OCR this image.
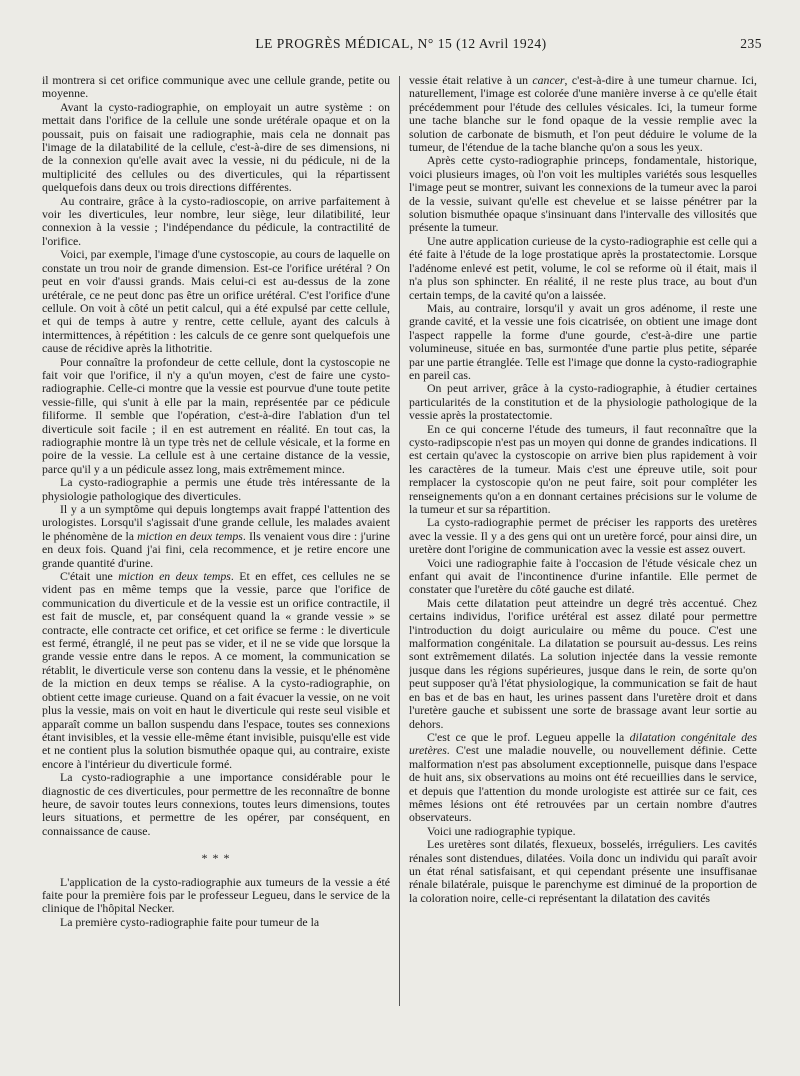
LE PROGRÈS MÉDICAL, N° 15 (12 Avril 1924)	235

il montrera si cet orifice communique avec une cellule grande, petite ou moyenne.

Avant la cysto-radiographie, on employait un autre système : on mettait dans l'orifice de la cellule une sonde urétérale opaque et on la poussait, puis on faisait une radiographie, mais cela ne donnait pas l'image de la dilatabilité de la cellule, c'est-à-dire de ses dimensions, ni de la connexion qu'elle avait avec la vessie, ni du pédicule, ni de la multiplicité des cellules ou des diverticules, qui la répartissent quelquefois dans deux ou trois directions différentes.

Au contraire, grâce à la cysto-radioscopie, on arrive parfaitement à voir les diverticules, leur nombre, leur siège, leur dilatibilité, leur connexion à la vessie ; l'indépendance du pédicule, la contractilité de l'orifice.

Voici, par exemple, l'image d'une cystoscopie, au cours de laquelle on constate un trou noir de grande dimension. Est-ce l'orifice urétéral ? On peut en voir d'aussi grands. Mais celui-ci est au-dessus de la zone urétérale, ce ne peut donc pas être un orifice urétéral. C'est l'orifice d'une cellule. On voit à côté un petit calcul, qui a été expulsé par cette cellule, et qui de temps à autre y rentre, cette cellule, ayant des calculs à intermittences, à répétition : les calculs de ce genre sont quelquefois une cause de récidive après la lithotritie.

Pour connaître la profondeur de cette cellule, dont la cystoscopie ne fait voir que l'orifice, il n'y a qu'un moyen, c'est de faire une cysto-radiographie. Celle-ci montre que la vessie est pourvue d'une toute petite vessie-fille, qui s'unit à elle par la main, représentée par ce pédicule filiforme. Il semble que l'opération, c'est-à-dire l'ablation d'un tel diverticule soit facile ; il en est autrement en réalité. En tout cas, la radiographie montre là un type très net de cellule vésicale, et la forme en poire de la vessie. La cellule est à une certaine distance de la vessie, parce qu'il y a un pédicule assez long, mais extrêmement mince.

La cysto-radiographie a permis une étude très intéressante de la physiologie pathologique des diverticules.

Il y a un symptôme qui depuis longtemps avait frappé l'attention des urologistes. Lorsqu'il s'agissait d'une grande cellule, les malades avaient le phénomène de la miction en deux temps. Ils venaient vous dire : j'urine en deux fois. Quand j'ai fini, cela recommence, et je retire encore une grande quantité d'urine.

C'était une miction en deux temps. Et en effet, ces cellules ne se vident pas en même temps que la vessie, parce que l'orifice de communication du diverticule et de la vessie est un orifice contractile, il est fait de muscle, et, par conséquent quand la « grande vessie » se contracte, elle contracte cet orifice, et cet orifice se ferme : le diverticule est fermé, étranglé, il ne peut pas se vider, et il ne se vide que lorsque la grande vessie entre dans le repos. A ce moment, la communication se rétablit, le diverticule verse son contenu dans la vessie, et le phénomène de la miction en deux temps se réalise. A la cysto-radiographie, on obtient cette image curieuse. Quand on a fait évacuer la vessie, on ne voit plus la vessie, mais on voit en haut le diverticule qui reste seul visible et apparaît comme un ballon suspendu dans l'espace, toutes ses connexions étant invisibles, et la vessie elle-même étant invisible, puisqu'elle est vide et ne contient plus la solution bismuthée opaque qui, au contraire, existe encore à l'intérieur du diverticule formé.

La cysto-radiographie a une importance considérable pour le diagnostic de ces diverticules, pour permettre de les reconnaître de bonne heure, de savoir toutes leurs connexions, toutes leurs dimensions, toutes leurs situations, et permettre de les opérer, par conséquent, en connaissance de cause.

* * *

L'application de la cysto-radiographie aux tumeurs de la vessie a été faite pour la première fois par le professeur Legueu, dans le service de la clinique de l'hôpital Necker.

La première cysto-radiographie faite pour tumeur de la

vessie était relative à un cancer, c'est-à-dire à une tumeur charnue. Ici, naturellement, l'image est colorée d'une manière inverse à ce qu'elle était précédemment pour l'étude des cellules vésicales. Ici, la tumeur forme une tache blanche sur le fond opaque de la vessie remplie avec la solution de carbonate de bismuth, et l'on peut déduire le volume de la tumeur, de l'étendue de la tache blanche qu'on a sous les yeux.

Après cette cysto-radiographie princeps, fondamentale, historique, voici plusieurs images, où l'on voit les multiples variétés sous lesquelles l'image peut se montrer, suivant les connexions de la tumeur avec la paroi de la vessie, suivant qu'elle est chevelue et se laisse pénétrer par la solution bismuthée opaque s'insinuant dans l'intervalle des villosités que présente la tumeur.

Une autre application curieuse de la cysto-radiographie est celle qui a été faite à l'étude de la loge prostatique après la prostatectomie. Lorsque l'adénome enlevé est petit, volume, le col se reforme où il était, mais il n'a plus son sphincter. En réalité, il ne reste plus trace, au bout d'un certain temps, de la cavité qu'on a laissée.

Mais, au contraire, lorsqu'il y avait un gros adénome, il reste une grande cavité, et la vessie une fois cicatrisée, on obtient une image dont l'aspect rappelle la forme d'une gourde, c'est-à-dire une partie volumineuse, située en bas, surmontée d'une partie plus petite, séparée par une partie étranglée. Telle est l'image que donne la cysto-radiographie en pareil cas.

On peut arriver, grâce à la cysto-radiographie, à étudier certaines particularités de la constitution et de la physiologie pathologique de la vessie après la prostatectomie.

En ce qui concerne l'étude des tumeurs, il faut reconnaître que la cysto-radipscopie n'est pas un moyen qui donne de grandes indications. Il est certain qu'avec la cystoscopie on arrive bien plus rapidement à voir les caractères de la tumeur. Mais c'est une épreuve utile, soit pour remplacer la cystoscopie qu'on ne peut faire, soit pour compléter les renseignements qu'on a en donnant certaines précisions sur le volume de la tumeur et sur sa répartition.

La cysto-radiographie permet de préciser les rapports des uretères avec la vessie. Il y a des gens qui ont un uretère forcé, pour ainsi dire, un uretère dont l'origine de communication avec la vessie est assez ouvert.

Voici une radiographie faite à l'occasion de l'étude vésicale chez un enfant qui avait de l'incontinence d'urine infantile. Elle permet de constater que l'uretère du côté gauche est dilaté.

Mais cette dilatation peut atteindre un degré très accentué. Chez certains individus, l'orifice urétéral est assez dilaté pour permettre l'introduction du doigt auriculaire ou même du pouce. C'est une malformation congénitale. La dilatation se poursuit au-dessus. Les reins sont extrêmement dilatés. La solution injectée dans la vessie remonte jusque dans les régions supérieures, jusque dans le rein, de sorte qu'on peut supposer qu'à l'état physiologique, la communication se fait de haut en bas et de bas en haut, les urines passent dans l'uretère droit et dans l'uretère gauche et subissent une sorte de brassage avant leur sortie au dehors.

C'est ce que le prof. Legueu appelle la dilatation congénitale des uretères. C'est une maladie nouvelle, ou nouvellement définie. Cette malformation n'est pas absolument exceptionnelle, puisque dans l'espace de huit ans, six observations au moins ont été recueillies dans le service, et depuis que l'attention du monde urologiste est attirée sur ce fait, ces mêmes lésions ont été retrouvées par un certain nombre d'autres observateurs.

Voici une radiographie typique.

Les uretères sont dilatés, flexueux, bosselés, irréguliers. Les cavités rénales sont distendues, dilatées. Voila donc un individu qui paraît avoir un état rénal satisfaisant, et qui cependant présente une insuffisanae rénale bilatérale, puisque le parenchyme est diminué de la proportion de la coloration noire, celle-ci représentant la dilatation des cavités
